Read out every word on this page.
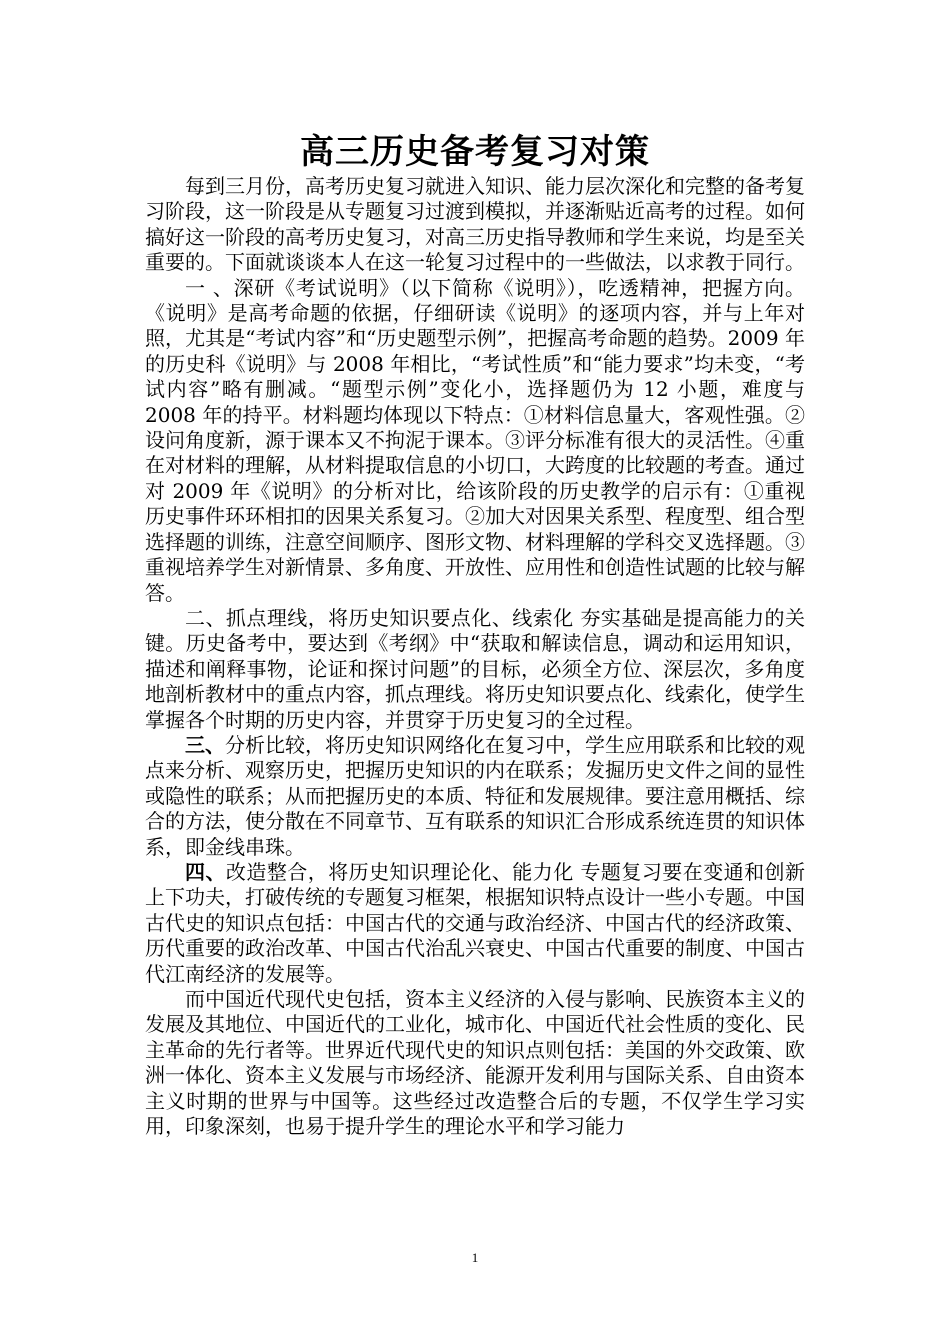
高三历史备考复习对策

每到三月份，高考历史复习就进入知识、能力层次深化和完整的备考复习阶段，这一阶段是从专题复习过渡到模拟，并逐渐贴近高考的过程。如何搞好这一阶段的高考历史复习，对高三历史指导教师和学生来说，均是至关重要的。下面就谈谈本人在这一轮复习过程中的一些做法，以求教于同行。

一 、深研《考试说明》（以下简称《说明》），吃透精神，把握方向。《说明》是高考命题的依据，仔细研读《说明》的逐项内容，并与上年对照，尤其是“考试内容”和“历史题型示例”，把握高考命题的趋势。2009 年的历史科《说明》与 2008 年相比，“考试性质”和“能力要求”均未变，“考试内容”略有删减。“题型示例”变化小，选择题仍为 12 小题，难度与 2008 年的持平。材料题均体现以下特点：①材料信息量大，客观性强。②设问角度新，源于课本又不拘泥于课本。③评分标准有很大的灵活性。④重在对材料的理解，从材料提取信息的小切口，大跨度的比较题的考查。通过对 2009 年《说明》的分析对比，给该阶段的历史教学的启示有：①重视历史事件环环相扣的因果关系复习。②加大对因果关系型、程度型、组合型选择题的训练，注意空间顺序、图形文物、材料理解的学科交叉选择题。③重视培养学生对新情景、多角度、开放性、应用性和创造性试题的比较与解答。

二、抓点理线，将历史知识要点化、线索化 夯实基础是提高能力的关键。历史备考中，要达到《考纲》中“获取和解读信息，调动和运用知识，描述和阐释事物，论证和探讨问题”的目标，必须全方位、深层次，多角度地剖析教材中的重点内容，抓点理线。将历史知识要点化、线索化，使学生掌握各个时期的历史内容，并贯穿于历史复习的全过程。

三、分析比较，将历史知识网络化在复习中，学生应用联系和比较的观点来分析、观察历史，把握历史知识的内在联系；发掘历史文件之间的显性或隐性的联系；从而把握历史的本质、特征和发展规律。要注意用概括、综合的方法，使分散在不同章节、互有联系的知识汇合形成系统连贯的知识体系，即金线串珠。

四、改造整合，将历史知识理论化、能力化 专题复习要在变通和创新上下功夫，打破传统的专题复习框架，根据知识特点设计一些小专题。中国古代史的知识点包括：中国古代的交通与政治经济、中国古代的经济政策、历代重要的政治改革、中国古代治乱兴衰史、中国古代重要的制度、中国古代江南经济的发展等。

而中国近代现代史包括，资本主义经济的入侵与影响、民族资本主义的发展及其地位、中国近代的工业化，城市化、中国近代社会性质的变化、民主革命的先行者等。世界近代现代史的知识点则包括：美国的外交政策、欧洲一体化、资本主义发展与市场经济、能源开发利用与国际关系、自由资本主义时期的世界与中国等。这些经过改造整合后的专题，不仅学生学习实用，印象深刻，也易于提升学生的理论水平和学习能力

1
